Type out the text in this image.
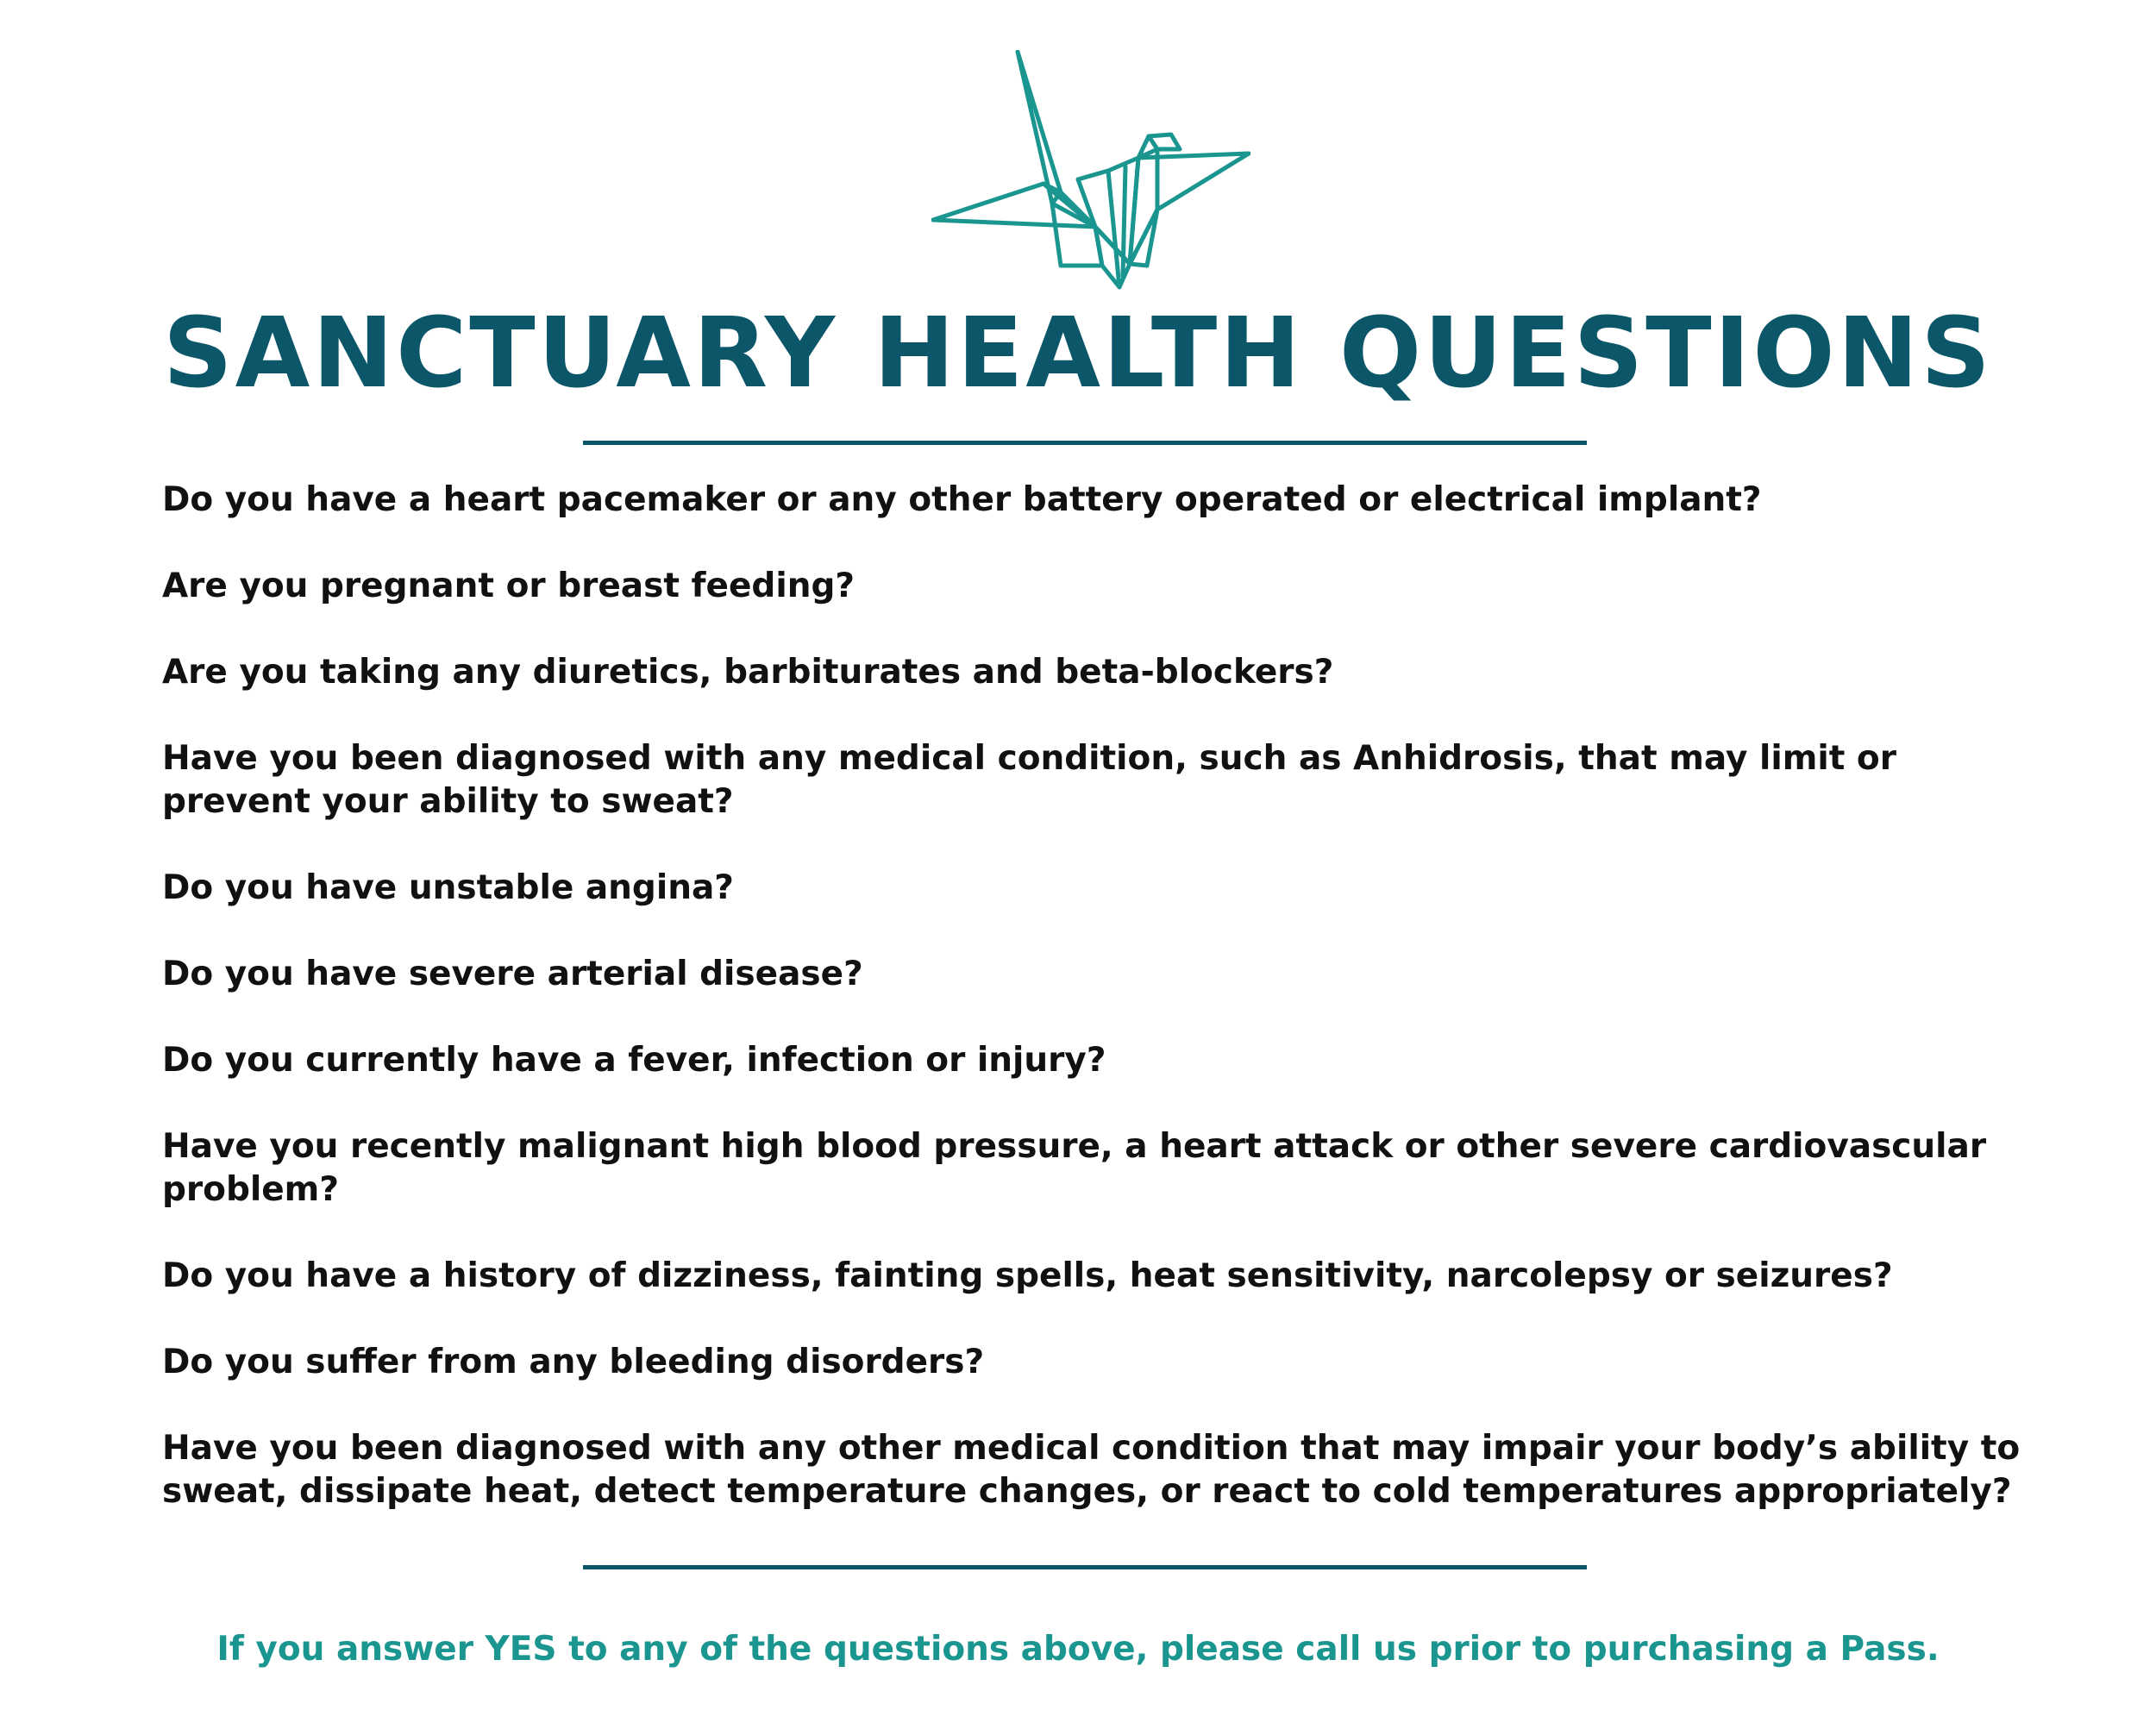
SANCTUARY HEALTH QUESTIONS
Do you have a heart pacemaker or any other battery operated or electrical implant?
Are you pregnant or breast feeding?
Are you taking any diuretics, barbiturates and beta-blockers?
Have you been diagnosed with any medical condition, such as Anhidrosis, that may limit or prevent your ability to sweat?
Do you have unstable angina?
Do you have severe arterial disease?
Do you currently have a fever, infection or injury?
Have you recently malignant high blood pressure, a heart attack or other severe cardiovascular problem?
Do you have a history of dizziness, fainting spells, heat sensitivity, narcolepsy or seizures?
Do you suffer from any bleeding disorders?
Have you been diagnosed with any other medical condition that may impair your body’s ability to sweat, dissipate heat, detect temperature changes, or react to cold temperatures appropriately?

If you answer YES to any of the questions above, please call us prior to purchasing a Pass.
